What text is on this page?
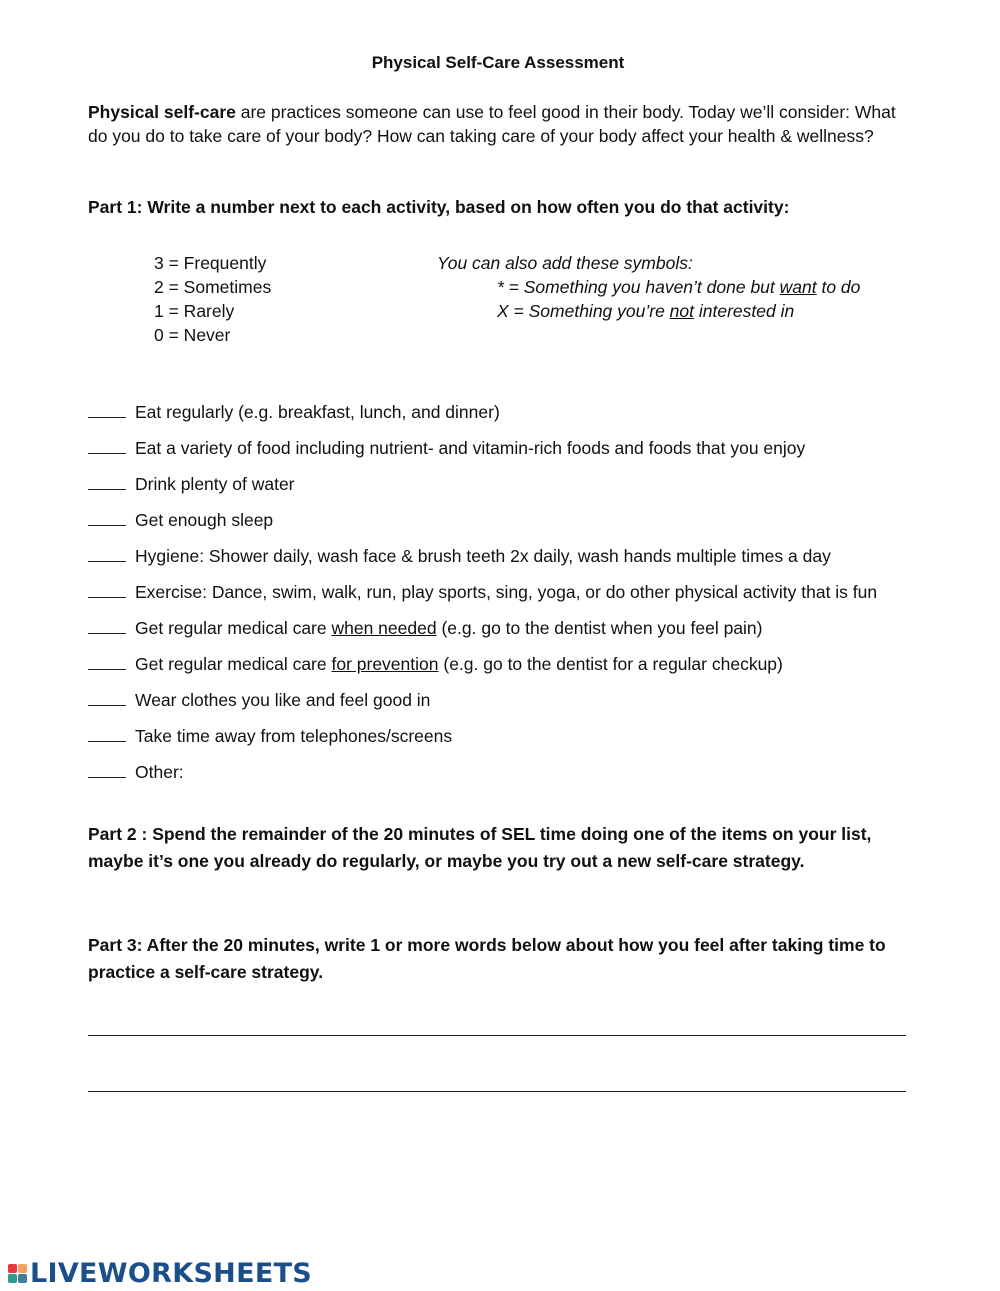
Physical Self-Care Assessment
Physical self-care are practices someone can use to feel good in their body. Today we’ll consider: What
do you do to take care of your body? How can taking care of your body affect your health & wellness?
Part 1: Write a number next to each activity, based on how often you do that activity:
3 = Frequently
2 = Sometimes
1 = Rarely
0 = Never
You can also add these symbols:
* = Something you haven’t done but want to do
X = Something you’re not interested in
Eat regularly (e.g. breakfast, lunch, and dinner)
Eat a variety of food including nutrient- and vitamin-rich foods and foods that you enjoy
Drink plenty of water
Get enough sleep
Hygiene: Shower daily, wash face & brush teeth 2x daily, wash hands multiple times a day
Exercise: Dance, swim, walk, run, play sports, sing, yoga, or do other physical activity that is fun
Get regular medical care when needed (e.g. go to the dentist when you feel pain)
Get regular medical care for prevention (e.g. go to the dentist for a regular checkup)
Wear clothes you like and feel good in
Take time away from telephones/screens
Other:
Part 2 : Spend the remainder of the 20 minutes of SEL time doing one of the items on your list, maybe it’s one you already do regularly, or maybe you try out a new self-care strategy.
Part 3: After the 20 minutes, write 1 or more words below about how you feel after taking time to practice a self-care strategy.
LIVEWORKSHEETS
